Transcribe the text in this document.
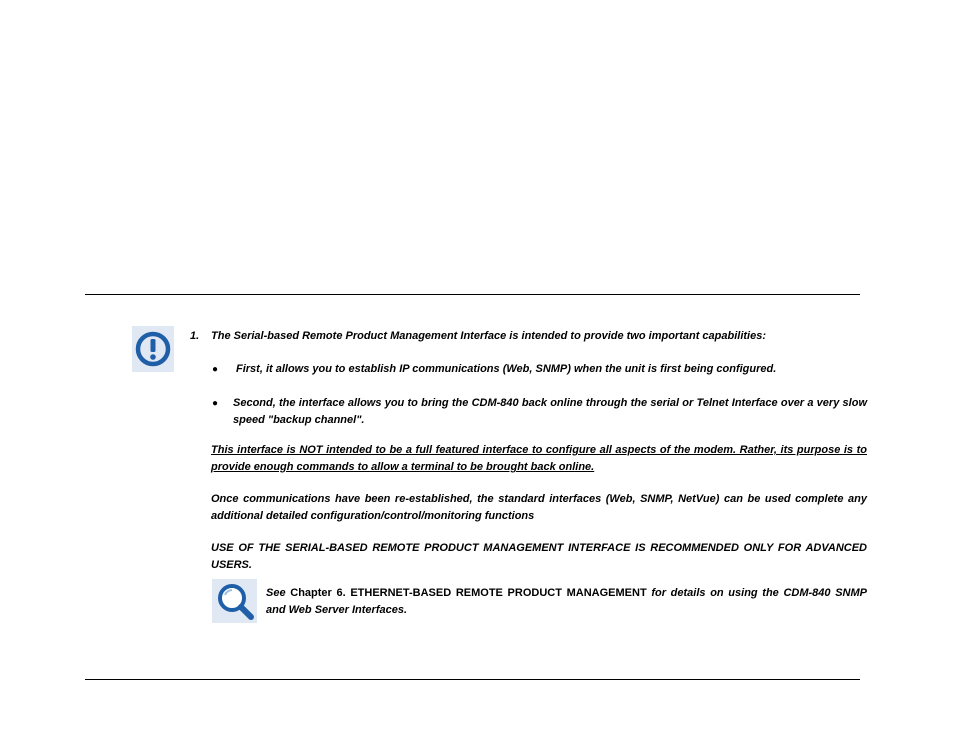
1. The Serial-based Remote Product Management Interface is intended to provide two important capabilities:
● First, it allows you to establish IP communications (Web, SNMP) when the unit is first being configured.
● Second, the interface allows you to bring the CDM-840 back online through the serial or Telnet Interface over a very slow speed "backup channel".
This interface is NOT intended to be a full featured interface to configure all aspects of the modem. Rather, its purpose is to provide enough commands to allow a terminal to be brought back online.
Once communications have been re-established, the standard interfaces (Web, SNMP, NetVue) can be used complete any additional detailed configuration/control/monitoring functions
USE OF THE SERIAL-BASED REMOTE PRODUCT MANAGEMENT INTERFACE IS RECOMMENDED ONLY FOR ADVANCED USERS.
See Chapter 6. ETHERNET-BASED REMOTE PRODUCT MANAGEMENT for details on using the CDM-840 SNMP and Web Server Interfaces.
